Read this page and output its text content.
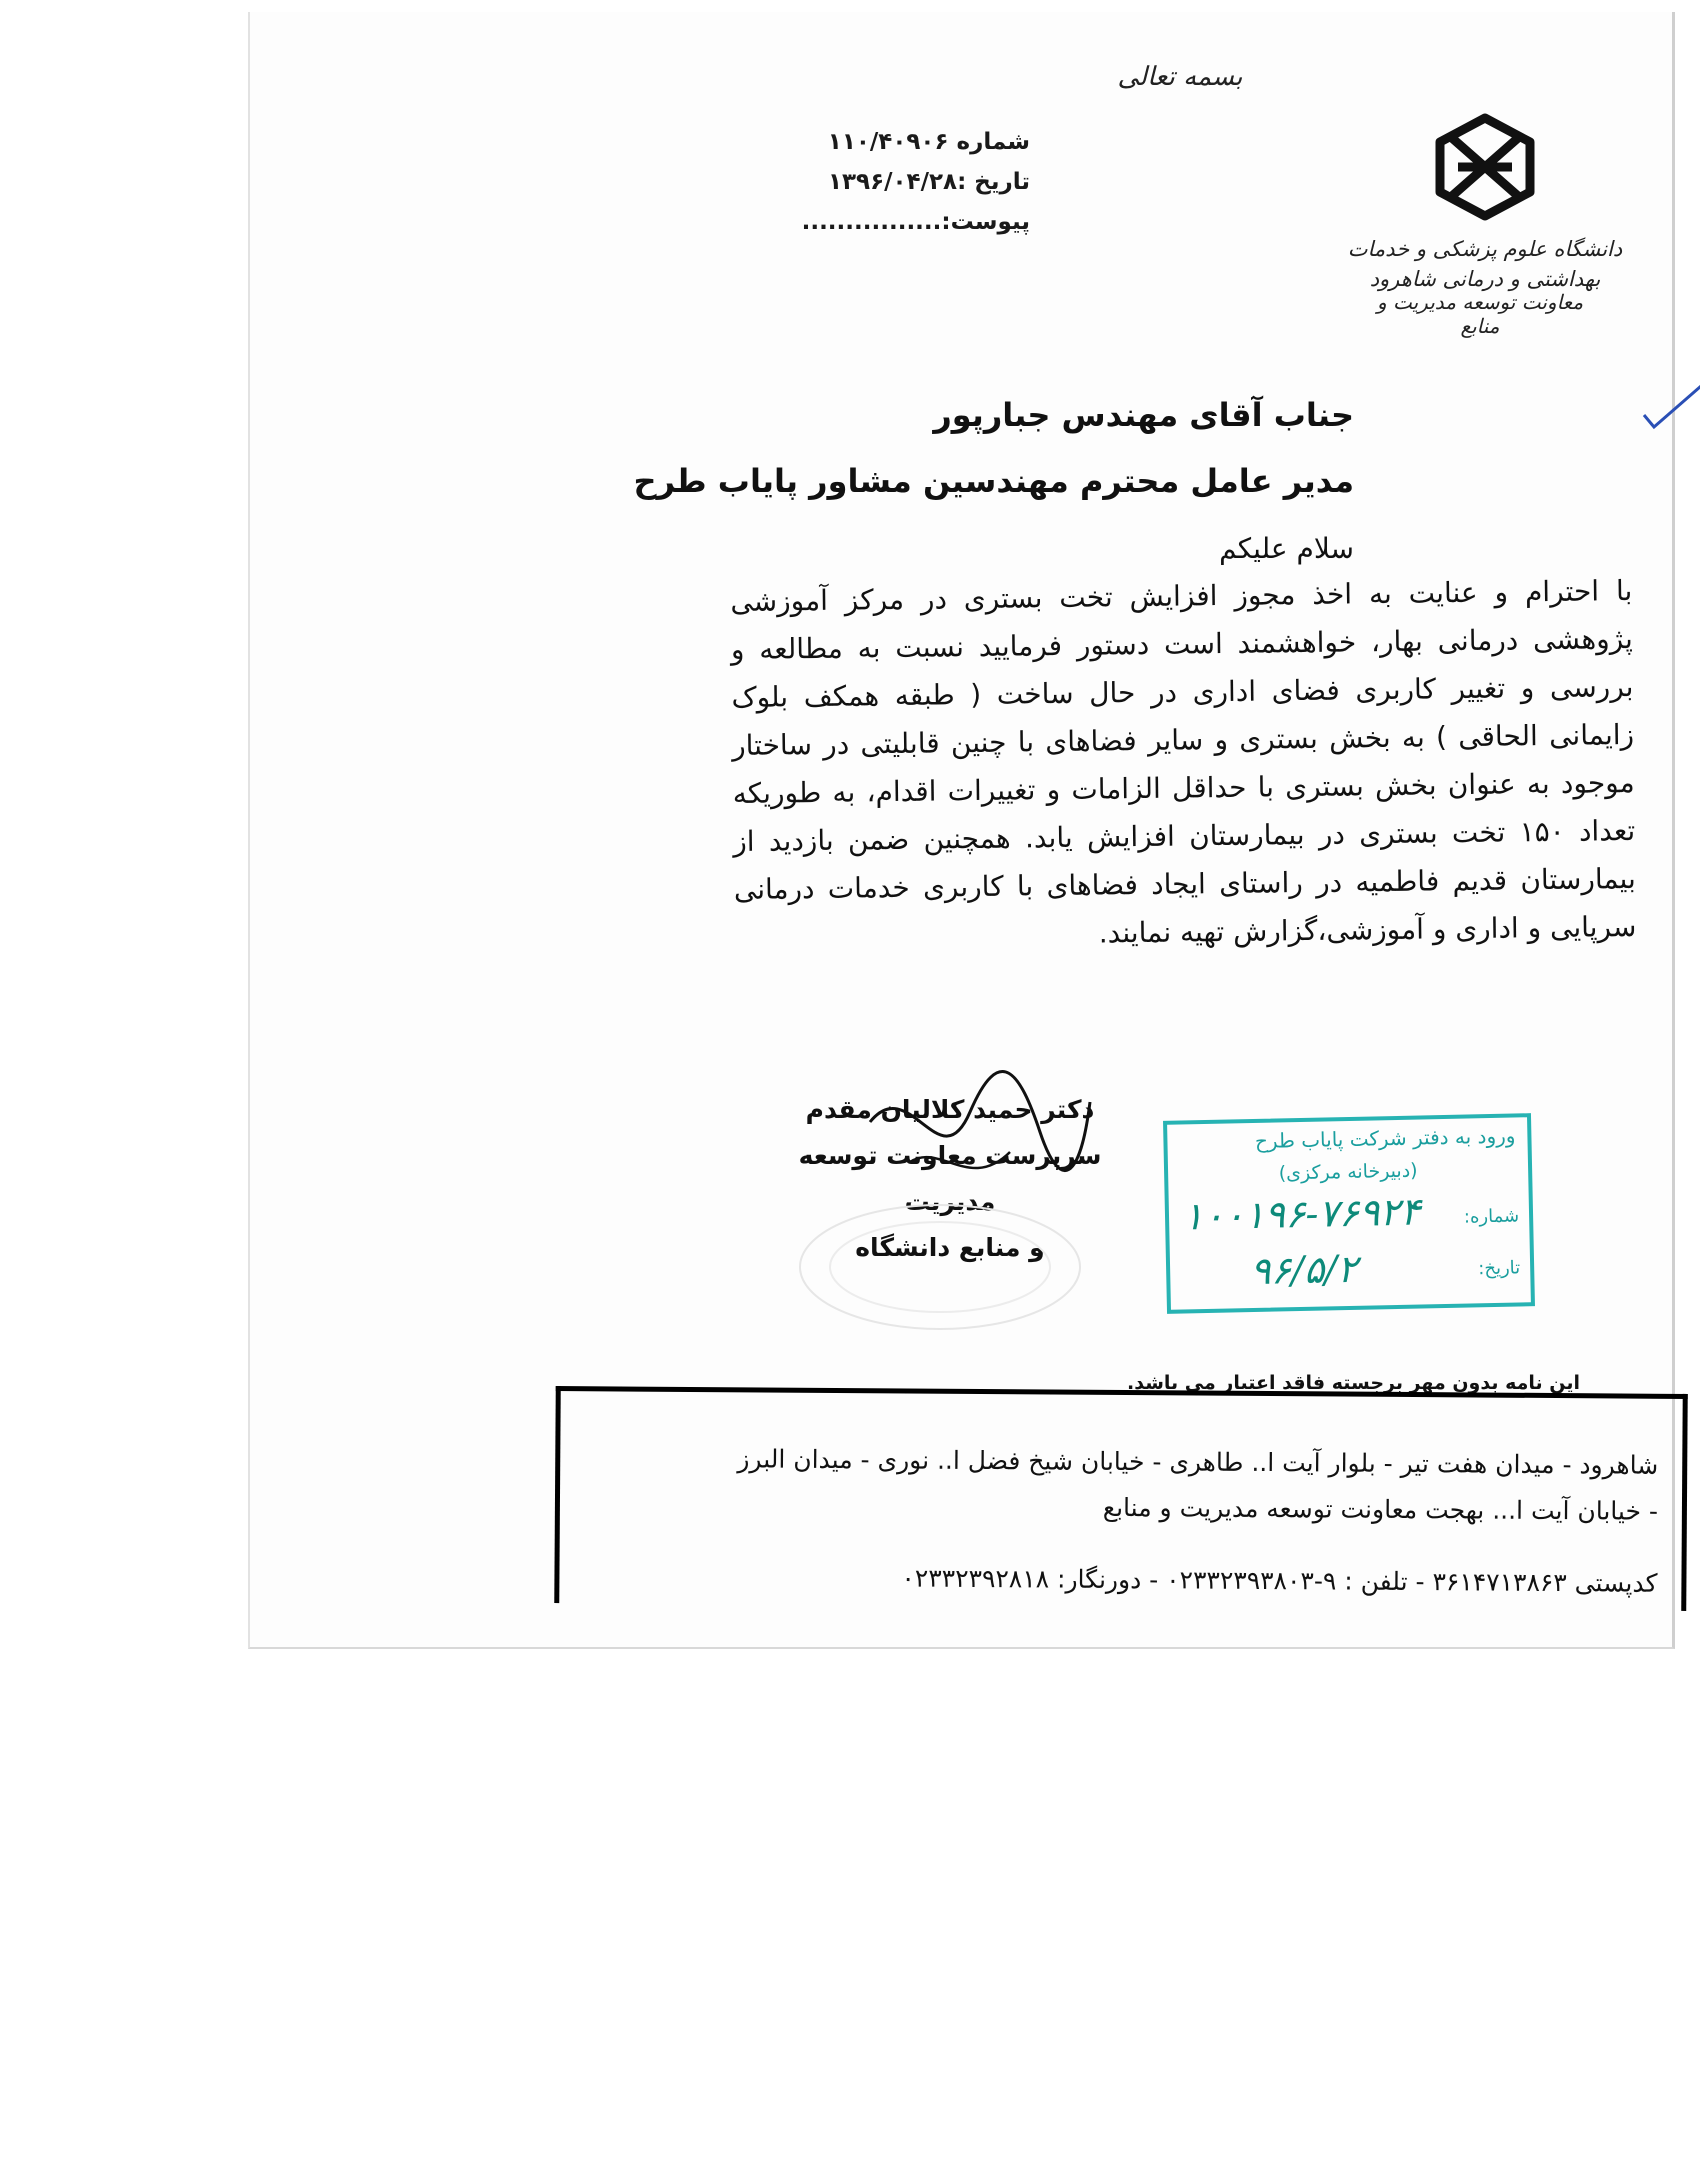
بسمه تعالی
شماره ۱۱۰/۴۰۹۰۶
تاریخ :۱۳۹۶/۰۴/۲۸
پیوست:................
دانشگاه علوم پزشکی و خدمات بهداشتی و درمانی شاهرود
معاونت توسعه مدیریت و منابع
جناب آقای مهندس جبارپور
مدیر عامل محترم مهندسین مشاور پایاب طرح
سلام علیکم
با احترام و عنایت به اخذ مجوز افزایش تخت بستری در مرکز آموزشی پژوهشی درمانی بهار، خواهشمند است دستور فرمایید نسبت به مطالعه و بررسی و تغییر کاربری فضای اداری در حال ساخت ( طبقه همکف بلوک زایمانی الحاقی ) به بخش بستری و سایر فضاهای با چنین قابلیتی در ساختار موجود به عنوان بخش بستری با حداقل الزامات و تغییرات اقدام، به طوریکه تعداد ۱۵۰ تخت بستری در بیمارستان افزایش یابد. همچنین ضمن بازدید از بیمارستان قدیم فاطمیه در راستای ایجاد فضاهای با کاربری خدمات درمانی سرپایی و اداری و آموزشی،گزارش تهیه نمایند.
دکتر حمید کلالیان مقدم
سرپرست معاونت توسعه مدیریت
و منابع دانشگاه
ورود به دفتر شرکت پایاب طرح
(دبیرخانه مرکزی)
شماره:
۱۰۰۱۹۶-۷۶۹۲۴
تاریخ:
۹۶/۵/۲
این نامه بدون مهر برجسته فاقد اعتبار می باشد.
شاهرود - میدان هفت تیر - بلوار آیت ا.. طاهری - خیابان شیخ فضل ا.. نوری - میدان البرز
- خیابان آیت ا... بهجت معاونت توسعه مدیریت و منابع
کدپستی ۳۶۱۴۷۱۳۸۶۳ - تلفن : ۹-۰۲۳۳۲۳۹۳۸۰۳ - دورنگار: ۰۲۳۳۲۳۹۲۸۱۸
